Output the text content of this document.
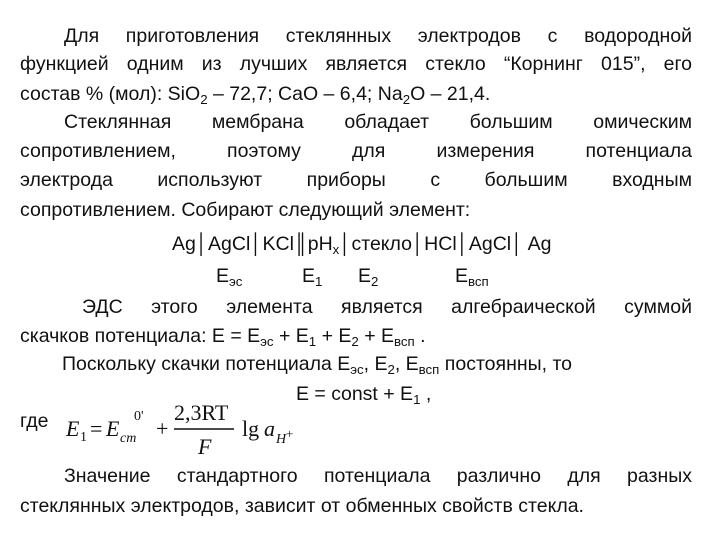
Для приготовления стеклянных электродов с водородной
функцией одним из лучших является стекло “Корнинг 015”, его
состав % (мол): SiO$_2$ – 72,7; CaO – 6,4; $Na_2O - 21,4$.
Стеклянная мембрана обладает большим омическим
сопротивлением, поэтому для измерения потенциала
электрода используют приборы с большим входным
сопротивлением. Собирают следующий элемент:
$Ag│AgCl│KCl║pH_x│стекло│HCl│AgCl│$ Ag
$Е_{эс}$	$Е_1$ $Е_2$	$Е_{всп}$
ЭДС этого элемента является алгебраической суммой
скачков потенциала: $Е = Е_{эс} + Е_1 + Е_2 + Е_{всп}$ .
Поскольку скачки потенциала $Е_{эс}$, $Е_2$, $Е_{всп}$ постоянны, то
Е = const + $Е_1$ ,
где E 1 = E cm
0' +
2,3RT
F
lg a H +
Значение стандартного потенциала различно для разных
стеклянных электродов, зависит от обменных свойств стекла.
